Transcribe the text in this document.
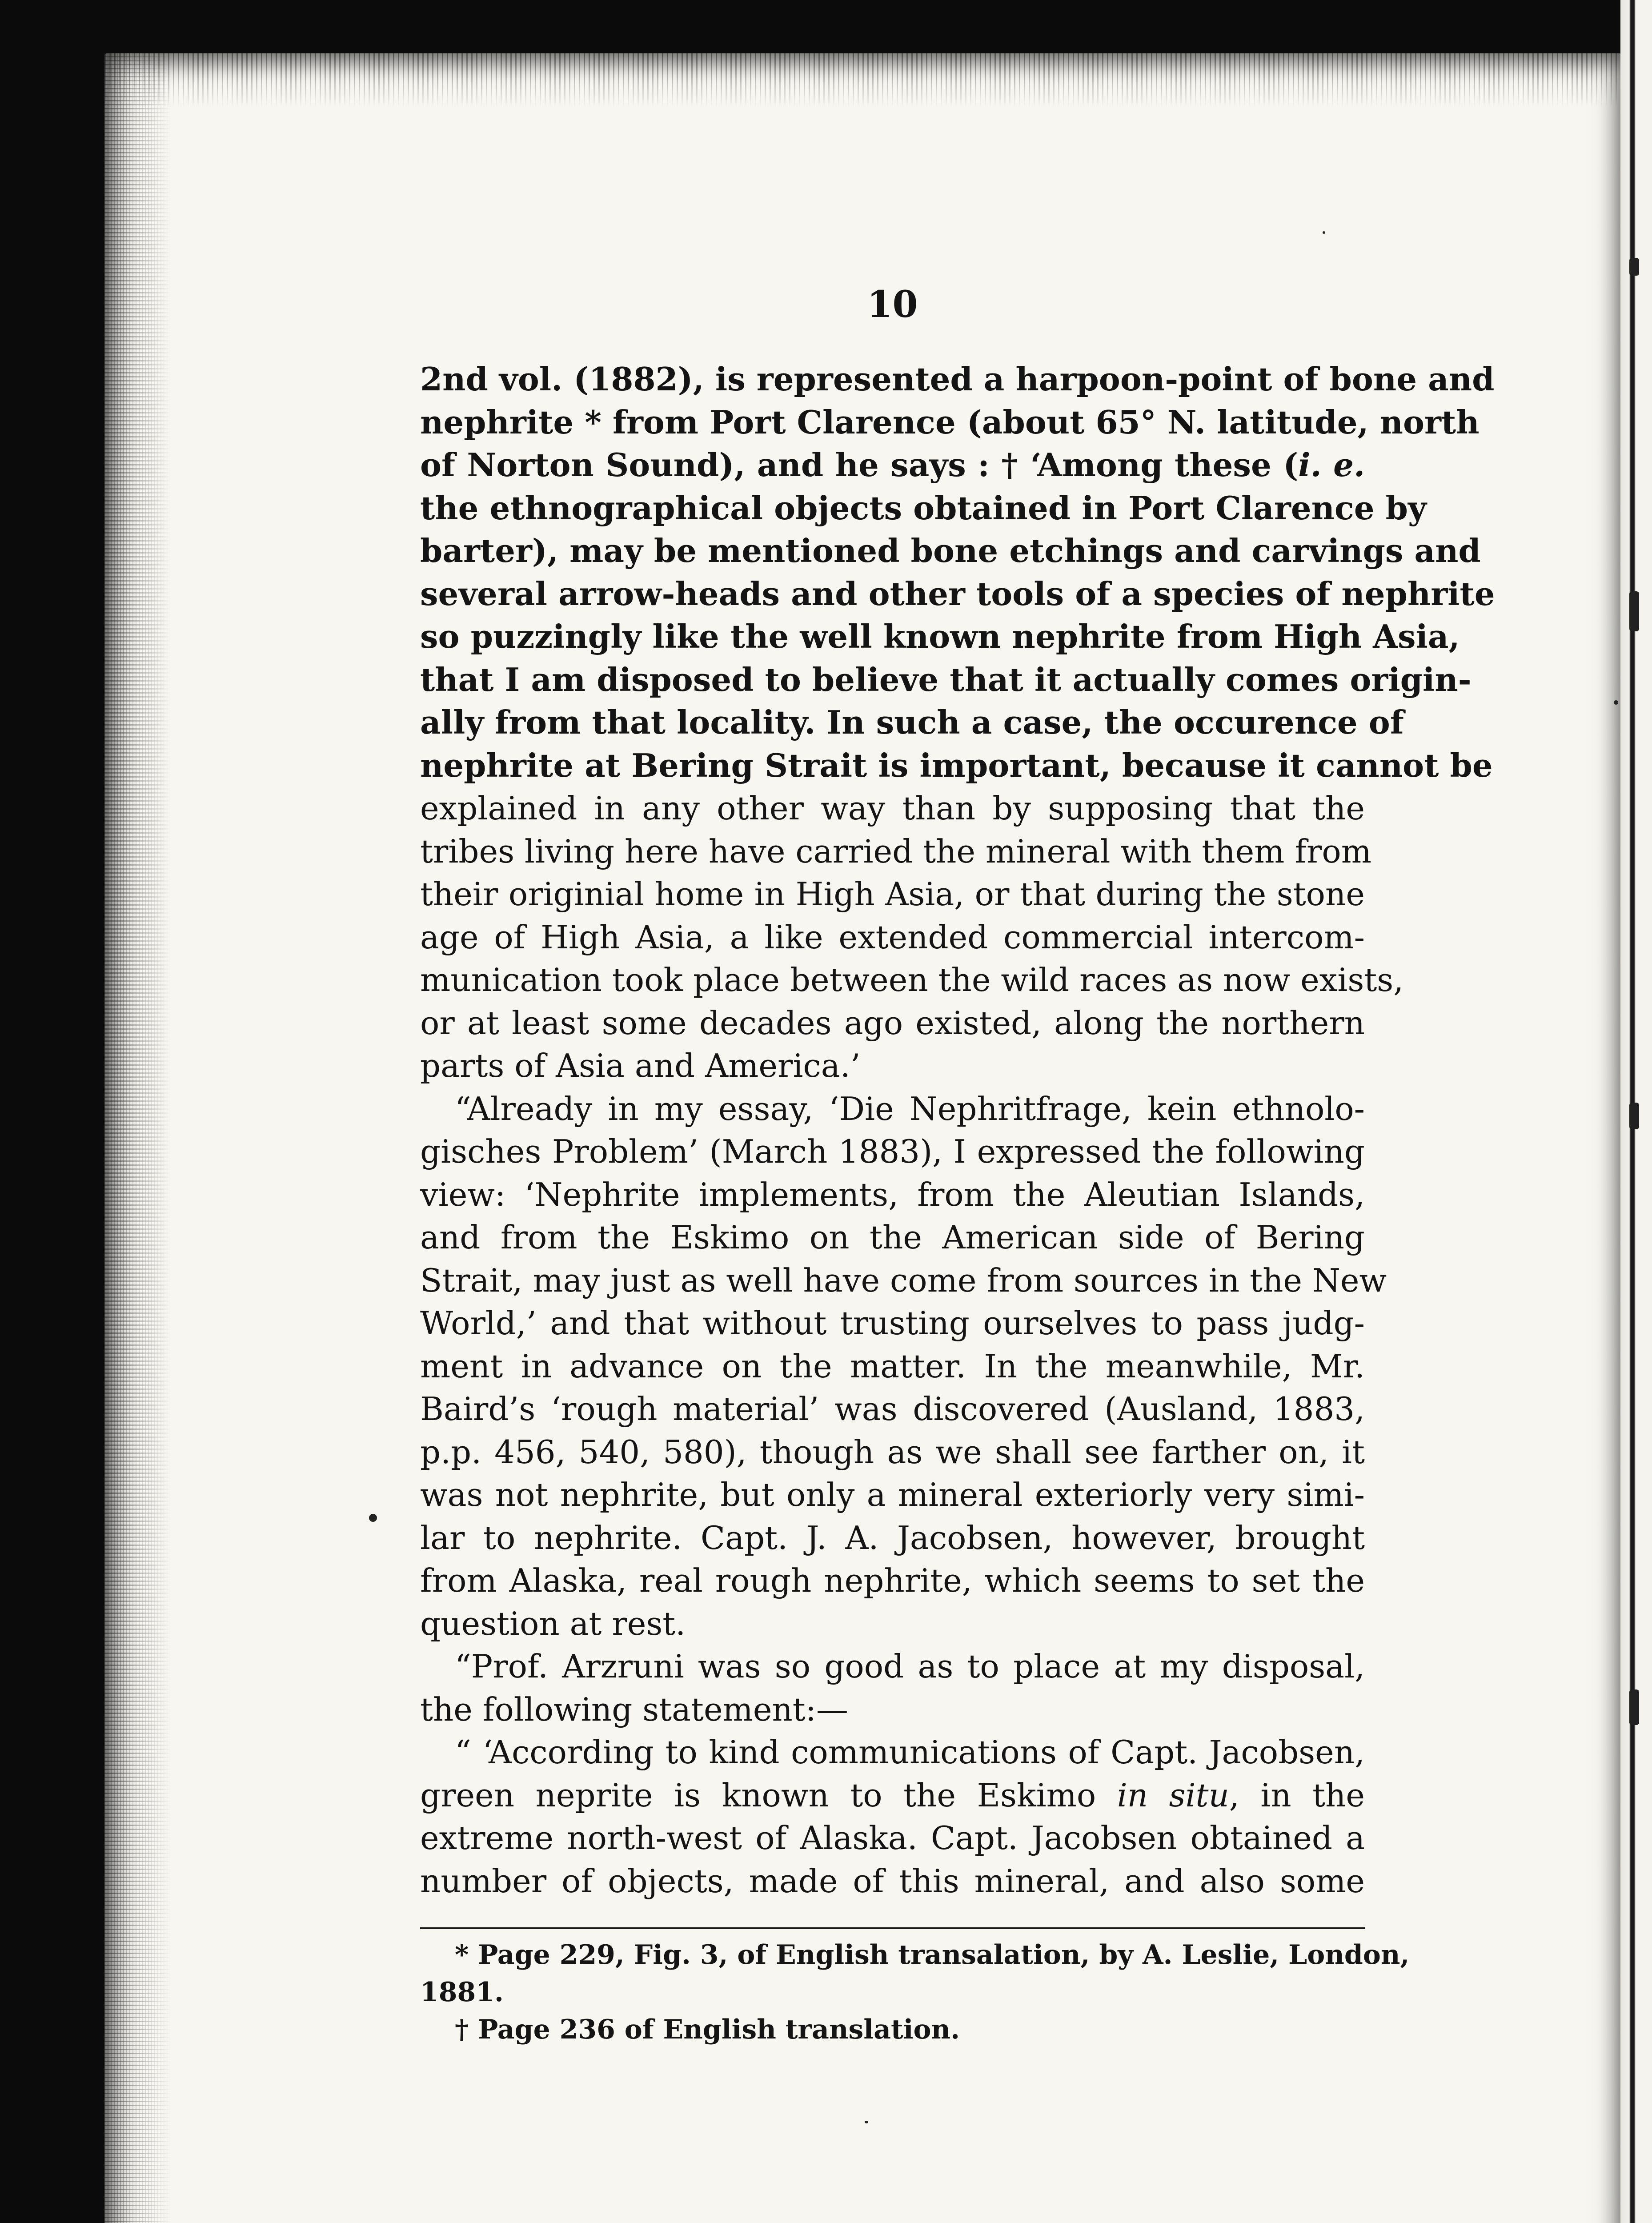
10

2nd vol. (1882), is represented a harpoon-point of bone and
nephrite * from Port Clarence (about 65° N. latitude, north
of Norton Sound), and he says : † ‘Among these (i. e.
the ethnographical objects obtained in Port Clarence by
barter), may be mentioned bone etchings and carvings and
several arrow-heads and other tools of a species of nephrite
so puzzingly like the well known nephrite from High Asia,
that I am disposed to believe that it actually comes origin-
ally from that locality. In such a case, the occurence of
nephrite at Bering Strait is important, because it cannot be
explained in any other way than by supposing that the
tribes living here have carried the mineral with them from
their originial home in High Asia, or that during the stone
age of High Asia, a like extended commercial intercom-
munication took place between the wild races as now exists,
or at least some decades ago existed, along the northern
parts of Asia and America.’

“Already in my essay, ‘Die Nephritfrage, kein ethnolo-
gisches Problem’ (March 1883), I expressed the following
view: ‘Nephrite implements, from the Aleutian Islands,
and from the Eskimo on the American side of Bering
Strait, may just as well have come from sources in the New
World,’ and that without trusting ourselves to pass judg-
ment in advance on the matter. In the meanwhile, Mr.
Baird’s ‘rough material’ was discovered (Ausland, 1883,
p.p. 456, 540, 580), though as we shall see farther on, it
was not nephrite, but only a mineral exteriorly very simi-
lar to nephrite. Capt. J. A. Jacobsen, however, brought
from Alaska, real rough nephrite, which seems to set the
question at rest.

“Prof. Arzruni was so good as to place at my disposal,
the following statement:—

“ ‘According to kind communications of Capt. Jacobsen,
green neprite is known to the Eskimo in situ, in the
extreme north-west of Alaska. Capt. Jacobsen obtained a
number of objects, made of this mineral, and also some

* Page 229, Fig. 3, of English transalation, by A. Leslie, London,
1881.
† Page 236 of English translation.
